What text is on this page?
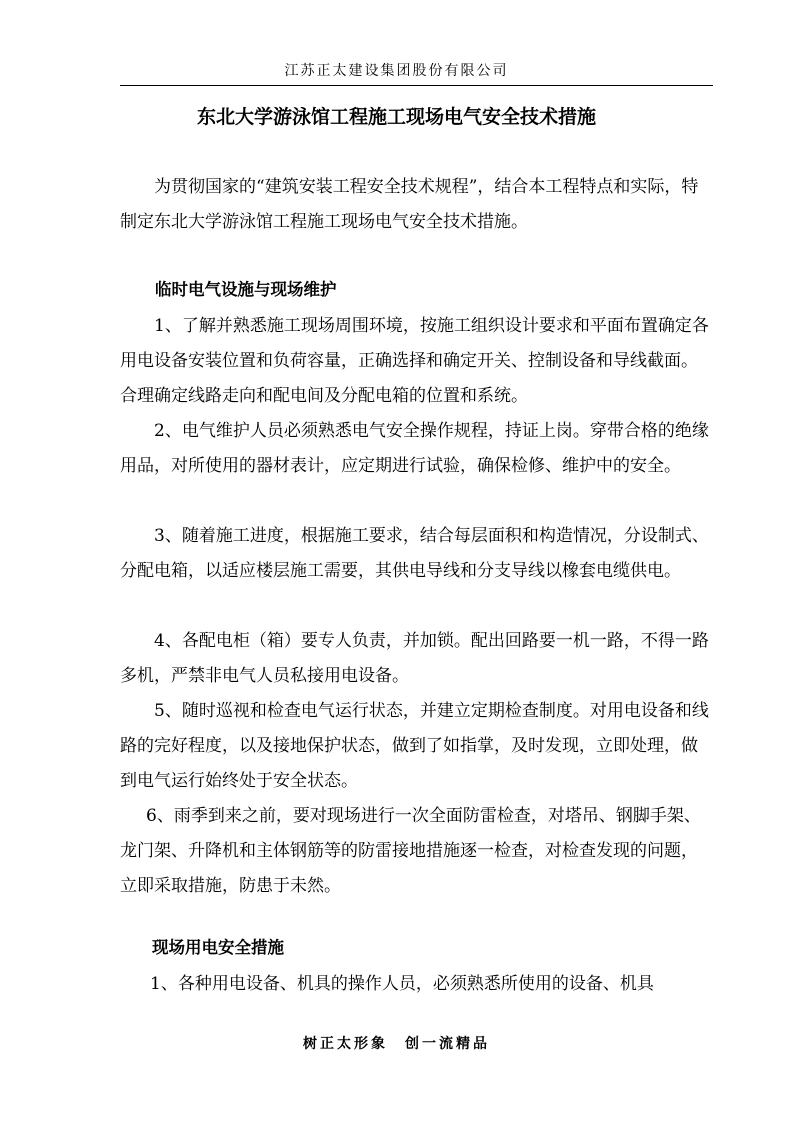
江苏正太建设集团股份有限公司
东北大学游泳馆工程施工现场电气安全技术措施
为贯彻国家的“建筑安装工程安全技术规程”，结合本工程特点和实际，特制定东北大学游泳馆工程施工现场电气安全技术措施。
临时电气设施与现场维护
1、了解并熟悉施工现场周围环境，按施工组织设计要求和平面布置确定各用电设备安装位置和负荷容量，正确选择和确定开关、控制设备和导线截面。合理确定线路走向和配电间及分配电箱的位置和系统。
2、电气维护人员必须熟悉电气安全操作规程，持证上岗。穿带合格的绝缘用品，对所使用的器材表计，应定期进行试验，确保检修、维护中的安全。
3、随着施工进度，根据施工要求，结合每层面积和构造情况，分设制式、分配电箱，以适应楼层施工需要，其供电导线和分支导线以橡套电缆供电。
4、各配电柜（箱）要专人负责，并加锁。配出回路要一机一路，不得一路多机，严禁非电气人员私接用电设备。
5、随时巡视和检查电气运行状态，并建立定期检查制度。对用电设备和线路的完好程度，以及接地保护状态，做到了如指掌，及时发现，立即处理，做到电气运行始终处于安全状态。
6、雨季到来之前，要对现场进行一次全面防雷检查，对塔吊、钢脚手架、龙门架、升降机和主体钢筋等的防雷接地措施逐一检查，对检查发现的问题，立即采取措施，防患于未然。
现场用电安全措施
1、各种用电设备、机具的操作人员，必须熟悉所使用的设备、机具
树正太形象　创一流精品
